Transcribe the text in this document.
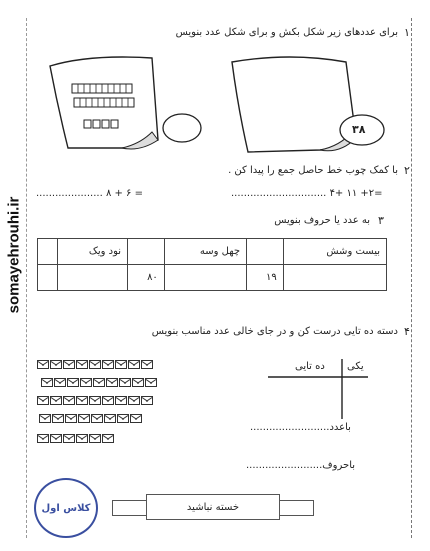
somayehrouhi.ir
۱
برای عددهای زیر شکل بکش و برای شکل عدد بنویس
۳۸
۲
با کمک چوب خط حاصل جمع را پیدا کن .
.............................. ۴+ ۱۱ +۲=
..................... ۸ + ۶ =
۳
به عدد یا حروف بنویس
بیست وشش		چهل وسه		نود ویک	
	۱۹		۸۰		
۴
دسته ده تایی درست کن و در جای خالی عدد مناسب بنویس
یکی
ده تایی
.........................باعدد
........................باحروف
خسته نباشید
کلاس اول
